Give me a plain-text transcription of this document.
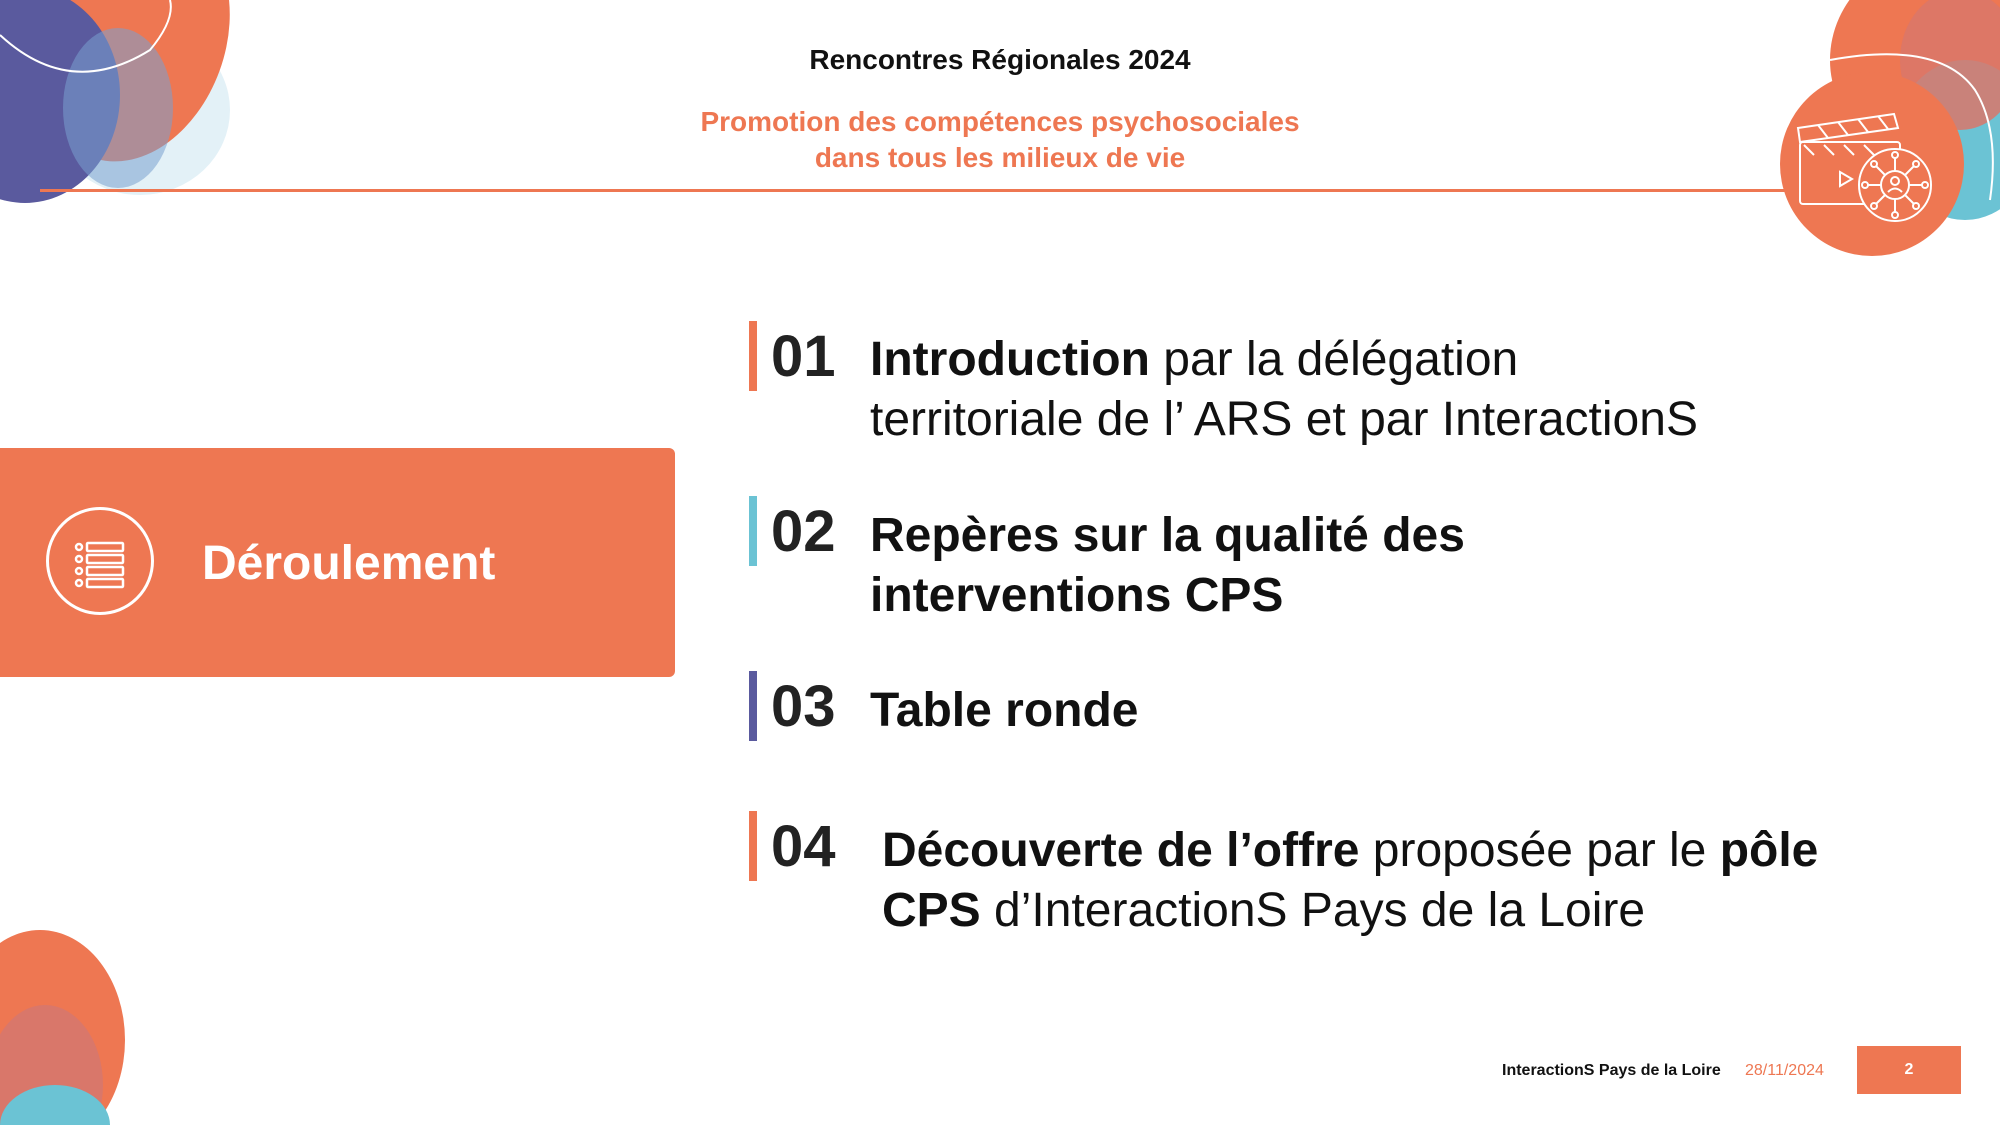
Rencontres Régionales 2024
Promotion des compétences psychosociales
dans tous les milieux de vie
Déroulement
01 Introduction par la délégation
territoriale de l’ ARS et par InteractionS
02 Repères sur la qualité des
interventions CPS
03 Table ronde
04 Découverte de l’offre proposée par le pôle
CPS d’InteractionS Pays de la Loire
InteractionS Pays de la Loire 28/11/2024	2
